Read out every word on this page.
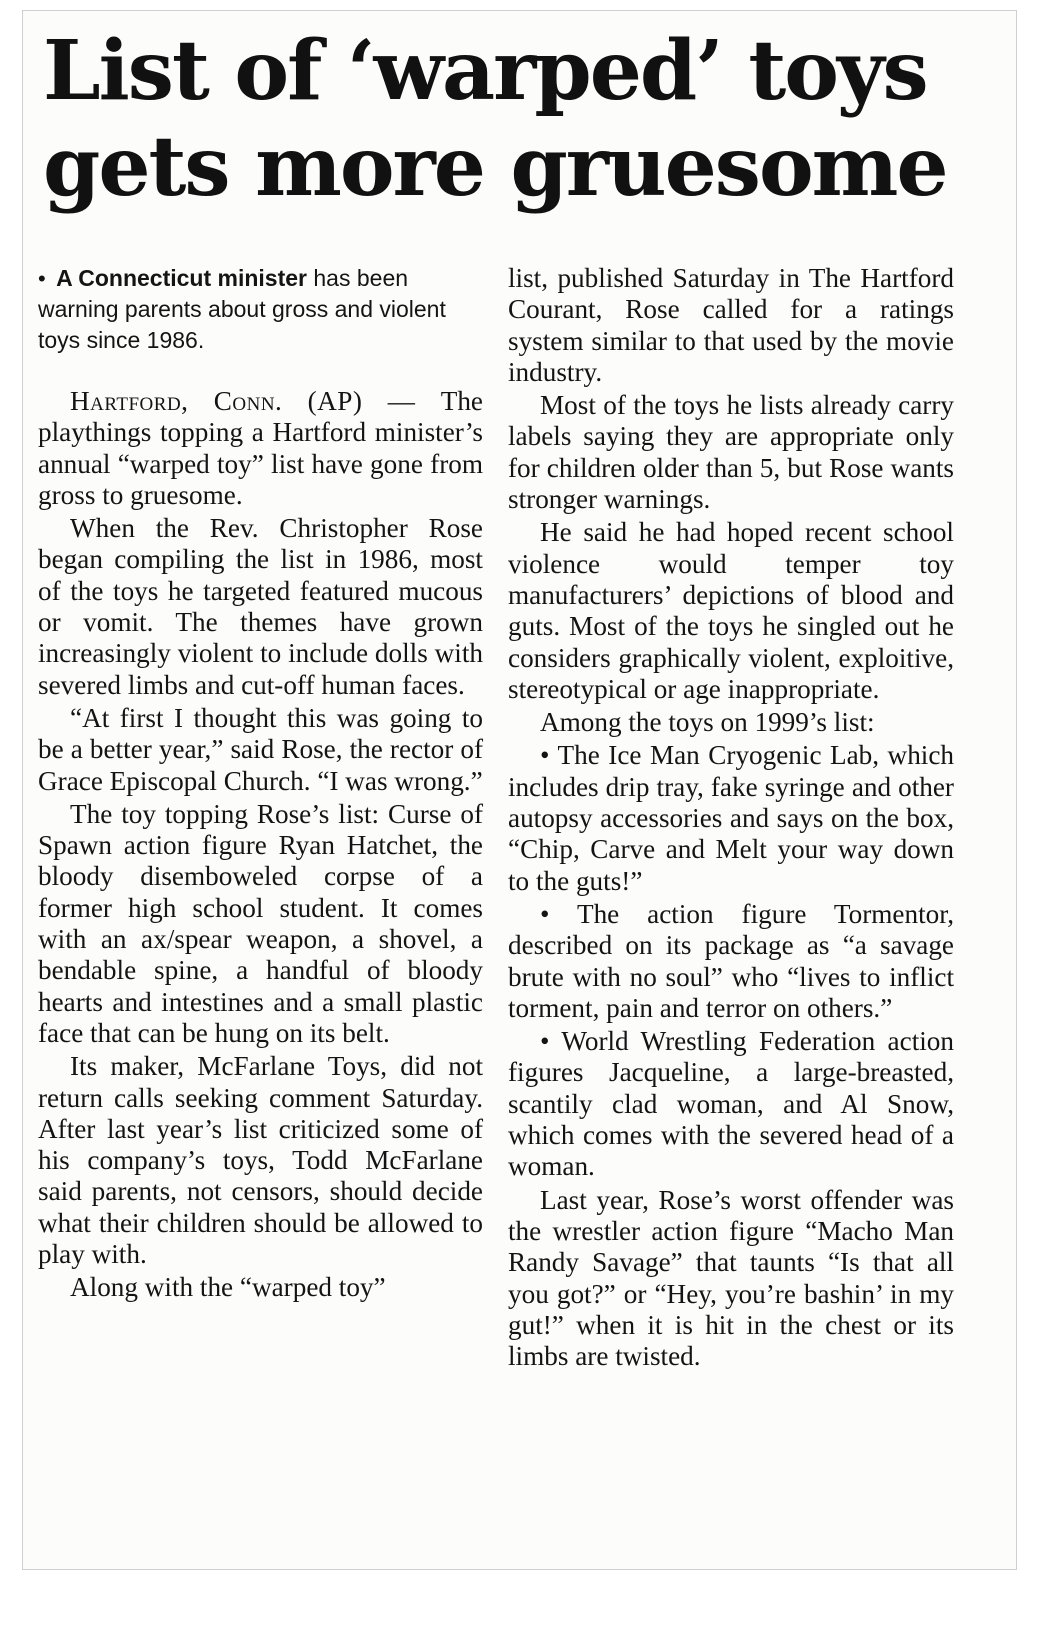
List of ‘warped’ toys
gets more gruesome
• A Connecticut minister has been warning parents about gross and violent toys since 1986.

Hartford, Conn. (AP) — The playthings topping a Hartford minister’s annual “warped toy” list have gone from gross to gruesome.

When the Rev. Christopher Rose began compiling the list in 1986, most of the toys he targeted featured mucous or vomit. The themes have grown increasingly violent to include dolls with severed limbs and cut-off human faces.

“At first I thought this was going to be a better year,” said Rose, the rector of Grace Episcopal Church. “I was wrong.”

The toy topping Rose’s list: Curse of Spawn action figure Ryan Hatchet, the bloody disemboweled corpse of a former high school student. It comes with an ax/spear weapon, a shovel, a bendable spine, a handful of bloody hearts and intestines and a small plastic face that can be hung on its belt.

Its maker, McFarlane Toys, did not return calls seeking comment Saturday. After last year’s list criticized some of his company’s toys, Todd McFarlane said parents, not censors, should decide what their children should be allowed to play with.

Along with the “warped toy”

list, published Saturday in The Hartford Courant, Rose called for a ratings system similar to that used by the movie industry.

Most of the toys he lists already carry labels saying they are appropriate only for children older than 5, but Rose wants stronger warnings.

He said he had hoped recent school violence would temper toy manufacturers’ depictions of blood and guts. Most of the toys he singled out he considers graphically violent, exploitive, stereotypical or age inappropriate.

Among the toys on 1999’s list:

• The Ice Man Cryogenic Lab, which includes drip tray, fake syringe and other autopsy accessories and says on the box, “Chip, Carve and Melt your way down to the guts!”

• The action figure Tormentor, described on its package as “a savage brute with no soul” who “lives to inflict torment, pain and terror on others.”

• World Wrestling Federation action figures Jacqueline, a large-breasted, scantily clad woman, and Al Snow, which comes with the severed head of a woman.

Last year, Rose’s worst offender was the wrestler action figure “Macho Man Randy Savage” that taunts “Is that all you got?” or “Hey, you’re bashin’ in my gut!” when it is hit in the chest or its limbs are twisted.
